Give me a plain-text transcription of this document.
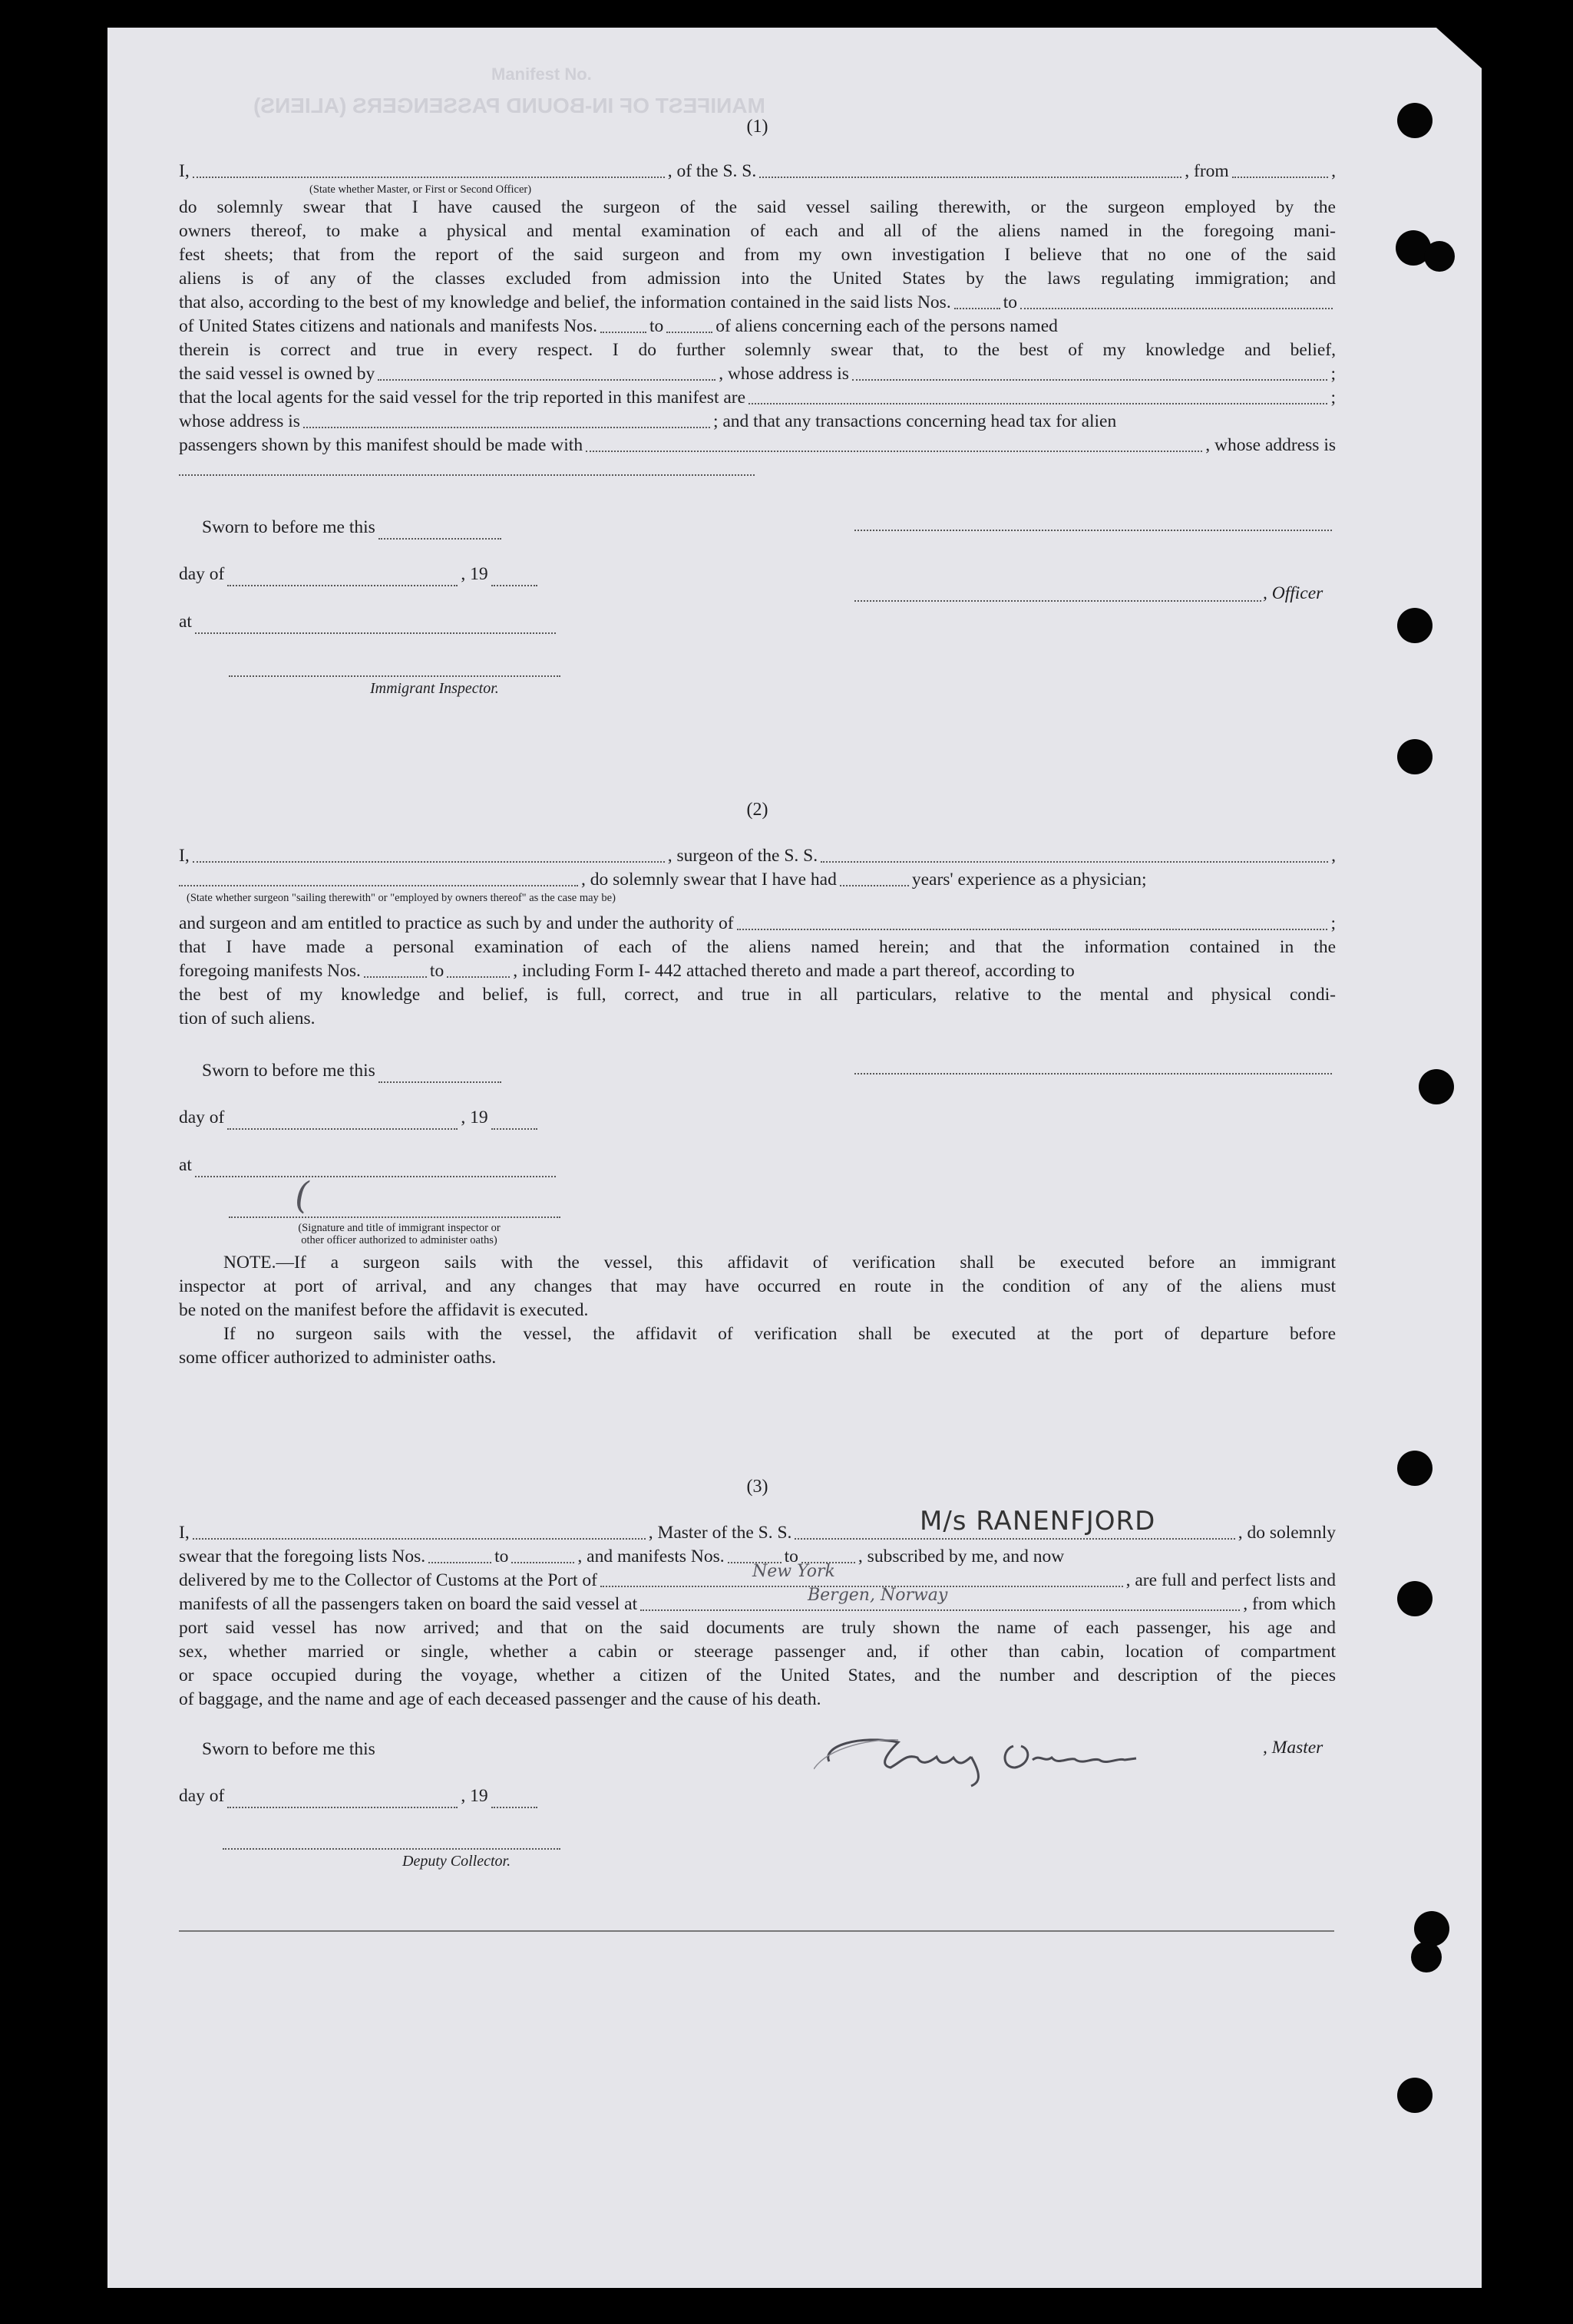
Manifest No.
MANIFEST OF IN-BOUND PASSENGERS (ALIENS)
(1)
I,	, of the S. S.	, from	,
(State whether Master, or First or Second Officer)
do solemnly swear that I have caused the surgeon of the said vessel sailing therewith, or the surgeon employed by the
owners thereof, to make a physical and mental examination of each and all of the aliens named in the foregoing mani-
fest sheets; that from the report of the said surgeon and from my own investigation I believe that no one of the said
aliens is of any of the classes excluded from admission into the United States by the laws regulating immigration; and
that also, according to the best of my knowledge and belief, the information contained in the said lists Nos.	to
of United States citizens and nationals and manifests Nos.	to	of aliens concerning each of the persons named
therein is correct and true in every respect. I do further solemnly swear that, to the best of my knowledge and belief,
the said vessel is owned by	, whose address is	;
that the local agents for the said vessel for the trip reported in this manifest are	;
whose address is	; and that any transactions concerning head tax for alien
passengers shown by this manifest should be made with	, whose address is
Sworn to before me this
day of	, 19
at
, Officer
Immigrant Inspector.
(2)
I,	, surgeon of the S. S.	,
, do solemnly swear that I have had	years' experience as a physician ;
(State whether surgeon "sailing therewith" or "employed by owners thereof" as the case may be)
and surgeon and am entitled to practice as such by and under the authority of	;
that I have made a personal examination of each of the aliens named herein; and that the information contained in the
foregoing manifests Nos.	to	, including Form I- 442 attached thereto and made a part thereof, according to
the best of my knowledge and belief, is full, correct, and true in all particulars, relative to the mental and physical condi-
tion of such aliens.
Sworn to before me this
day of	, 19
at
(
(Signature and title of immigrant inspector or
other officer authorized to administer oaths)
NOTE.—If a surgeon sails with the vessel, this affidavit of verification shall be executed before an immigrant
inspector at port of arrival, and any changes that may have occurred en route in the condition of any of the aliens must
be noted on the manifest before the affidavit is executed.
If no surgeon sails with the vessel, the affidavit of verification shall be executed at the port of departure before
some officer authorized to administer oaths.
(3)
I,	, Master of the S. S.	, do solemnly
swear that the foregoing lists Nos.	to	, and manifests Nos.	to	, subscribed by me, and now
delivered by me to the Collector of Customs at the Port of	, are full and perfect lists and
manifests of all the passengers taken on board the said vessel at	, from which
port said vessel has now arrived; and that on the said documents are truly shown the name of each passenger, his age and
sex, whether married or single, whether a cabin or steerage passenger and, if other than cabin, location of compartment
or space occupied during the voyage, whether a citizen of the United States, and the number and description of the pieces
of baggage, and the name and age of each deceased passenger and the cause of his death.
M/s RANENFJORD
New York
Bergen, Norway
Sworn to before me this
day of	, 19
, Master
Deputy Collector.
